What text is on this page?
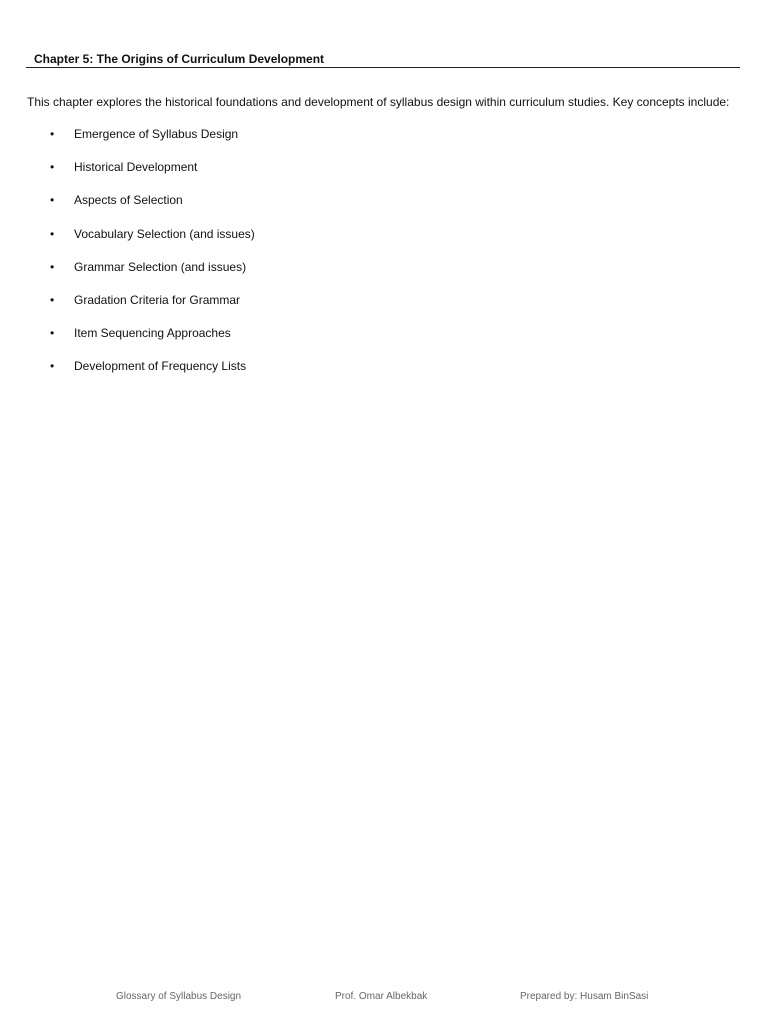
Chapter 5: The Origins of Curriculum Development

This chapter explores the historical foundations and development of syllabus design within curriculum studies. Key concepts include:

• Emergence of Syllabus Design
• Historical Development
• Aspects of Selection
• Vocabulary Selection (and issues)
• Grammar Selection (and issues)
• Gradation Criteria for Grammar
• Item Sequencing Approaches
• Development of Frequency Lists
Glossary of Syllabus Design	Prof. Omar Albekbak	Prepared by: Husam BinSasi
